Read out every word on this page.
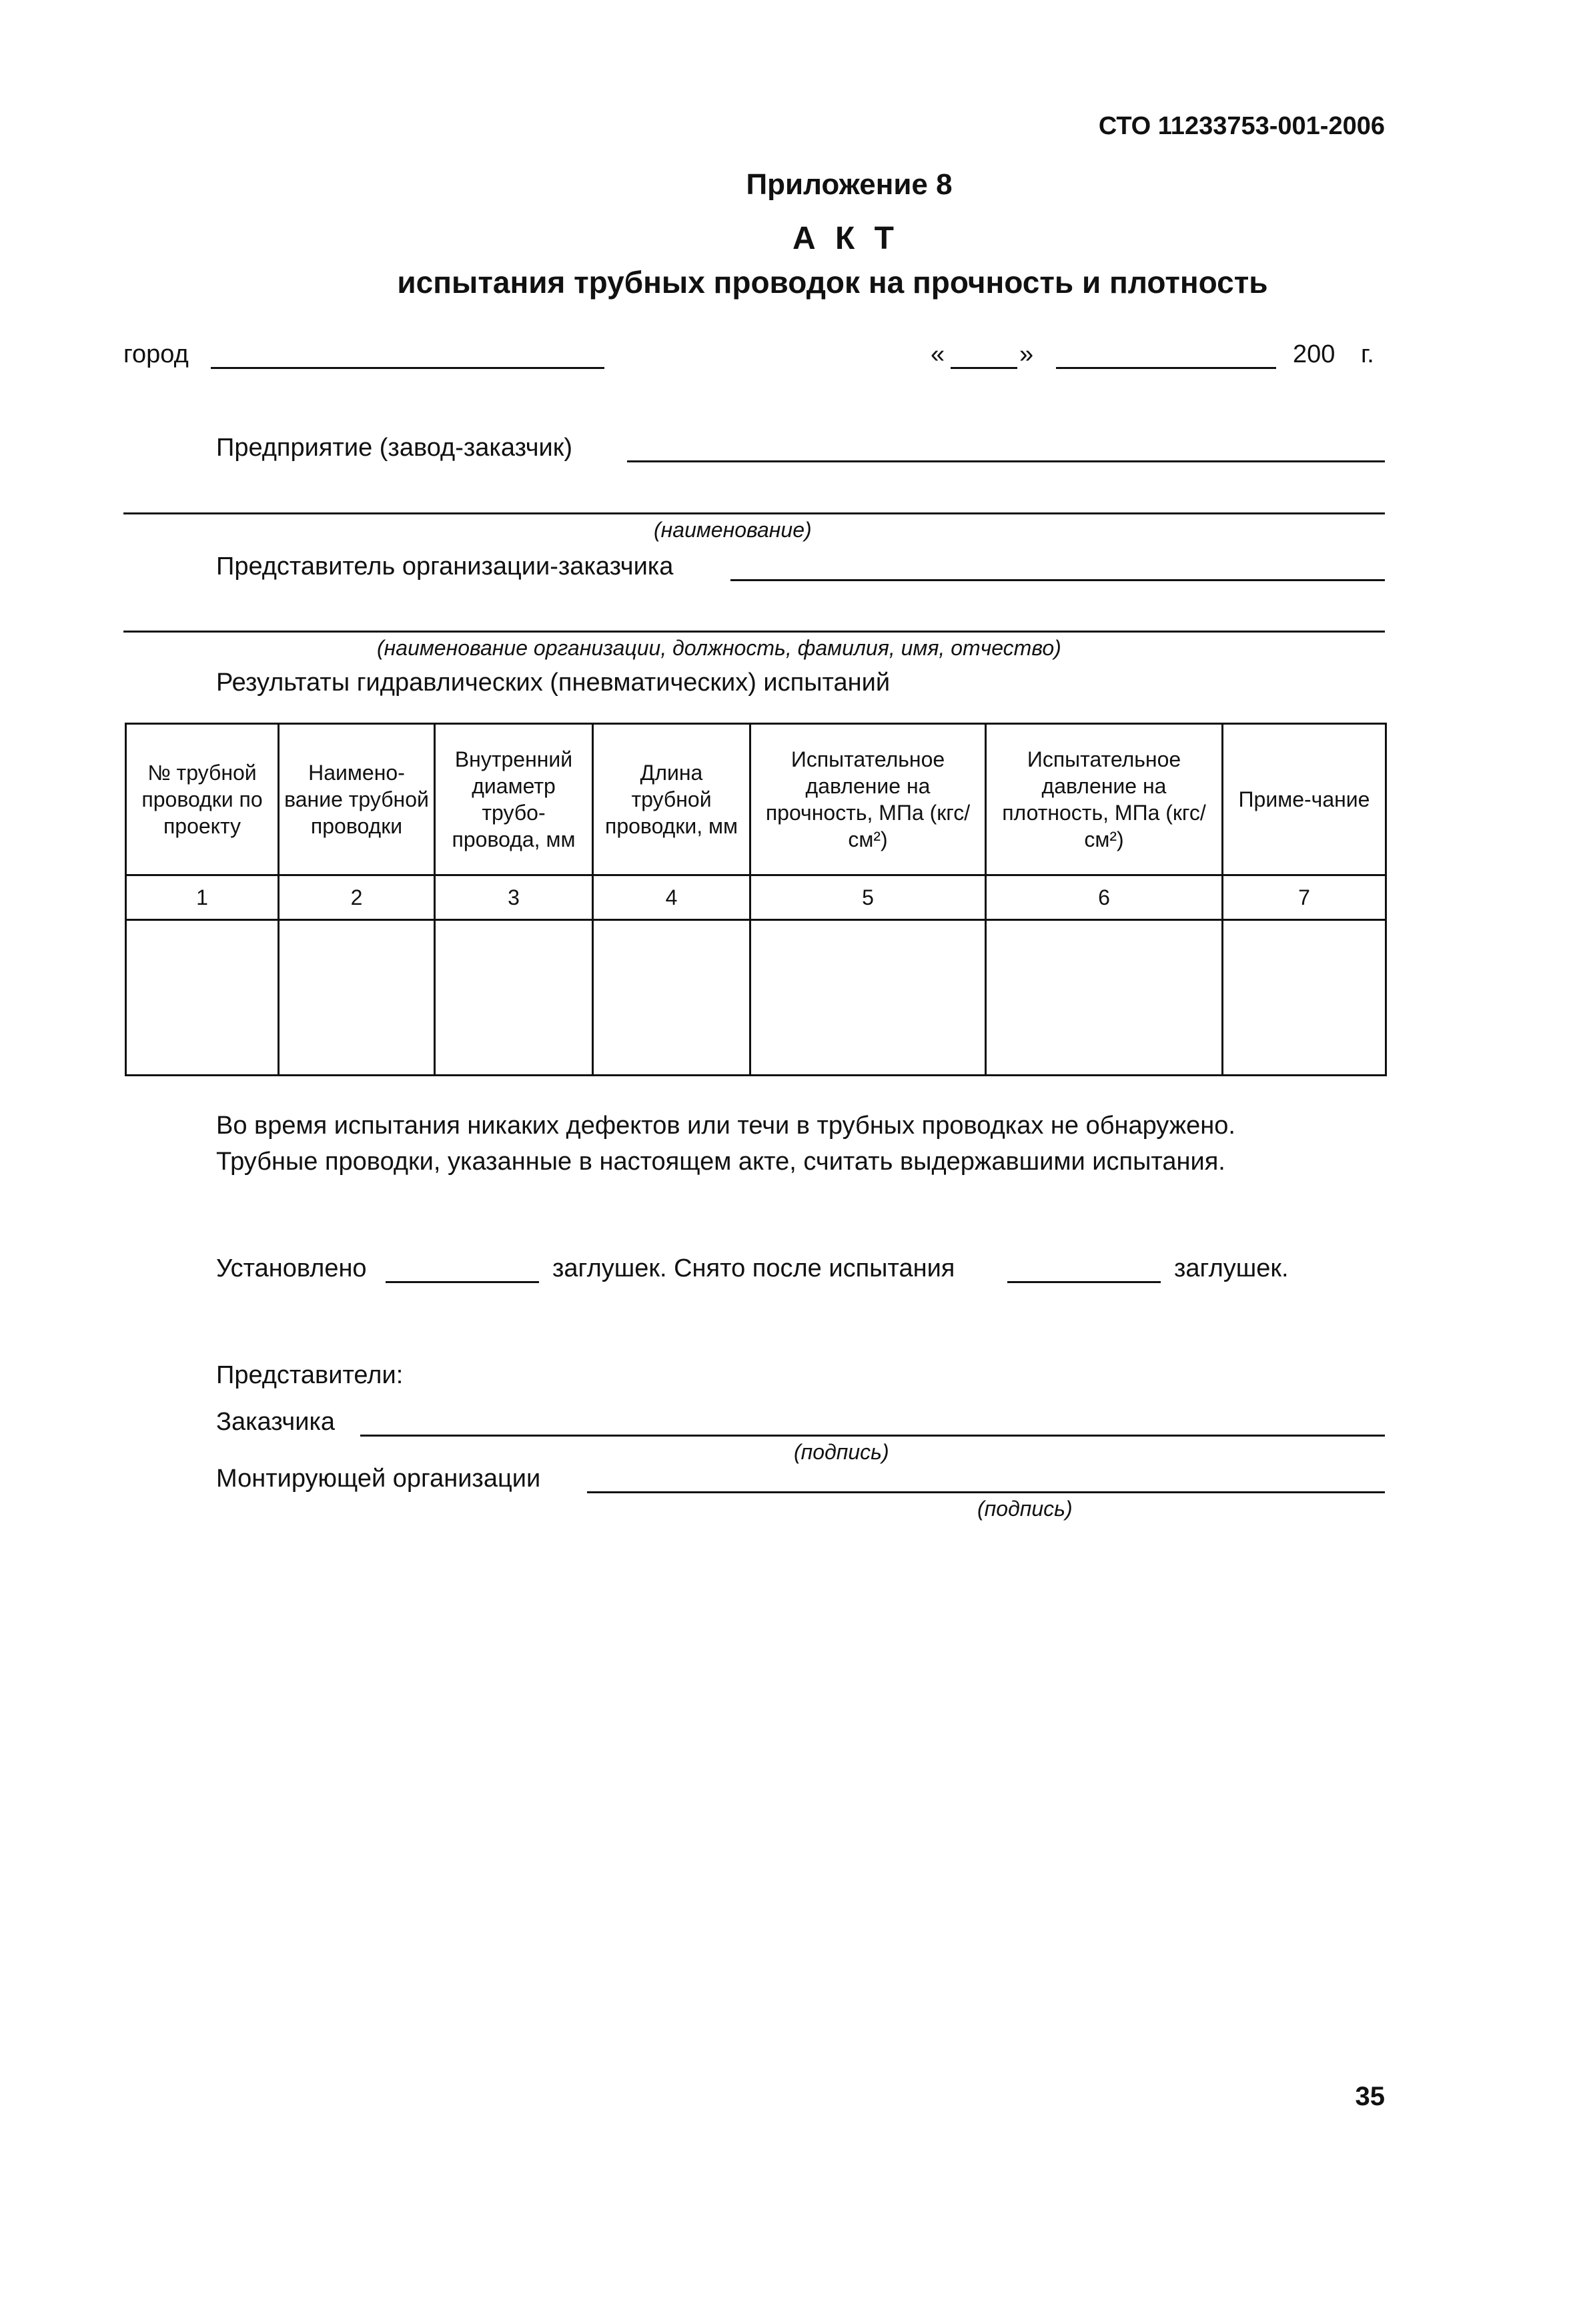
СТО 11233753-001-2006
Приложение 8
А К Т
испытания трубных проводок на прочность и плотность
город	«	»	200 г.
Предприятие (завод-заказчик)
(наименование)
Представитель организации-заказчика
(наименование организации, должность, фамилия, имя, отчество)
Результаты гидравлических (пневматических) испытаний
№ трубной проводки по проекту	Наимено-вание трубной проводки	Внутренний диаметр трубо-провода, мм	Длина трубной проводки, мм	Испытательное давление на прочность, МПа (кгс/см²)	Испытательное давление на плотность, МПа (кгс/см²)	Приме-чание
1	2	3	4	5	6	7

Во время испытания никаких дефектов или течи в трубных проводках не обнаружено.
Трубные проводки, указанные в настоящем акте, считать выдержавшими испытания.
Установлено	заглушек. Снято после испытания	заглушек.
Представители:
Заказчика
(подпись)
Монтирующей организации
(подпись)
35
